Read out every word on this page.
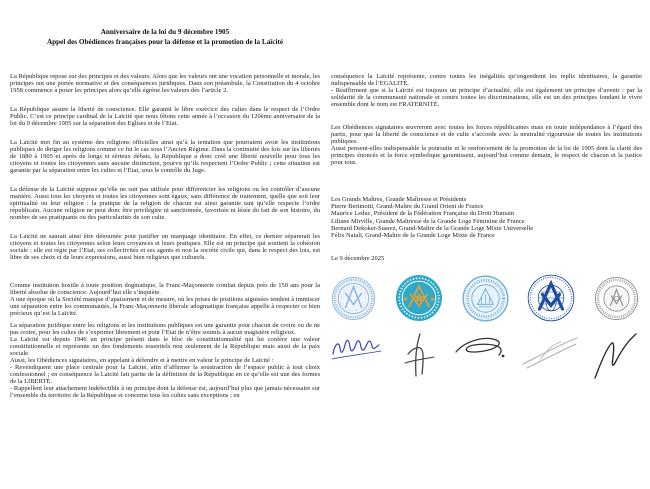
Anniversaire de la loi du 9 décembre 1905
Appel des Obédiences françaises pour la défense et la promotion de la Laïcité

La République repose sur des principes et des valeurs. Alors que les valeurs ont une vocation personnelle et morale, les principes ont une portée normative et des conséquences juridiques. Dans son préambule, la Constitution du 4 octobre 1958 commence à poser les principes alors qu’elle égrène les valeurs dès l’article 2.

La République assure la liberté de conscience. Elle garantit le libre exercice des cultes dans le respect de l’Ordre Public. C’est ce principe cardinal de la Laïcité que nous fêtons cette année à l’occasion du 120ème anniversaire de la loi du 9 décembre 1905 sur la séparation des Eglises et de l’Etat.

La Laïcité met fin au système des religions officielles ainsi qu’à la tentation que pourraient avoir les institutions publiques de diriger les religions comme ce fut le cas sous l’Ancien Régime. Dans la continuité des lois sur les libertés de 1880 à 1905 et après de longs et sérieux débats, la République a donc créé une liberté nouvelle pour tous les citoyens et toutes les citoyennes sans aucune distinction, pourvu qu’ils respectent l’Ordre Public ; cette situation est garantie par la séparation entre les cultes et l’Etat, sous le contrôle du Juge.

La défense de la Laïcité suppose qu’elle ne soit pas utilisée pour différencier les religions ou les contrôler d’aucune manière. Aussi tous les citoyens et toutes les citoyennes sont égaux, sans différence de traitement, quelle que soit leur spiritualité ou leur religion : la pratique de la religion de chacun est ainsi garantie tant qu’elle respecte l’ordre républicain. Aucune religion ne peut donc être privilégiée ni sanctionnée, favorisée ni lésée du fait de son histoire, du nombre de ses pratiquants ou des particularités de son culte.

La Laïcité ne saurait ainsi être détournée pour justifier un marquage identitaire. En effet, ce dernier séparerait les citoyens et toutes les citoyennes selon leurs croyances et leurs pratiques. Elle est un principe qui soutient la cohésion sociale ; elle est régie par l’Etat, ses collectivités et ses agents et non la société civile qui, dans le respect des lois, est libre de ses choix et de leurs expressions, aussi bien religieux que culturels.

Comme institution hostile à toute position dogmatique, la Franc-Maçonnerie combat depuis près de 150 ans pour la liberté absolue de conscience. Aujourd’hui elle s’inquiète.

A une époque où la Société manque d’apaisement et de mesure, où les prises de positions aiguisées tendent à immiscer une séparation entre les communautés, la Franc-Maçonnerie libérale adogmatique française appelle à respecter ce bien précieux qu’est la Laïcité.

La séparation juridique entre les religions et les institutions publiques est une garantie pour chacun de croire ou de ne pas croire, pour les cultes de s’exprimer librement et pour l’Etat de n’être soumis à aucun magistère religieux.

La Laïcité est depuis 1946 un principe présent dans le bloc de constitutionnalité qui lui confère une valeur constitutionnelle et représente un des fondements essentiels non seulement de la République mais aussi de la paix sociale.

Aussi, les Obédiences signataires, en appelant à défendre et à mettre en valeur le principe de Laïcité :

- Revendiquent une place centrale pour la Laïcité, afin d’affirmer la soustraction de l’espace public à tout choix confessionnel ; en conséquence la Laïcité fait partie de la définition de la République en ce qu’elle est une des formes de la LIBERTÉ.

- Rappellent leur attachement indéfectible à un principe dont la défense est, aujourd’hui plus que jamais nécessaire sur l’ensemble du territoire de la République et concerne tous les cultes sans exceptions ; en

conséquence la Laïcité représente, contre toutes les inégalités qu’engendrent les replis identitaires, la garantie indispensable de l’EGALITÉ.

- Réaffirment que si la Laïcité est toujours un principe d’actualité, elle est également un principe d’avenir : par la solidarité de la communauté nationale et contre toutes les discriminations, elle est un des principes fondant le vivre ensemble dont le nom est FRATERNITÉ.

Les Obédiences signataires œuvreront avec toutes les forces républicaines mais en toute indépendance à l’égard des partis, pour que la liberté de conscience et de culte s’accorde avec la neutralité rigoureuse de toutes les institutions publiques.

Aussi pensent-elles indispensable la poursuite et le renforcement de la promotion de la loi de 1905 dont la clarté des principes énoncés et la force symbolique garantissent, aujourd’hui comme demain, le respect de chacun et la justice pour tous.

Les Grands Maîtres, Grande Maîtresse et Présidents
Pierre Bertinotti, Grand-Maître du Grand Orient de France
Maurice Leduc, Président de la Fédération Française du Droit Humain
Liliane Mirville, Grande Maîtresse de la Grande Loge Féminine de France
Bernard Dekoker-Suarez, Grand-Maître de la Grande Loge Mixte Universelle
Félix Natali, Grand-Maître de la Grande Loge Mixte de France
Le 9 décembre 2025
